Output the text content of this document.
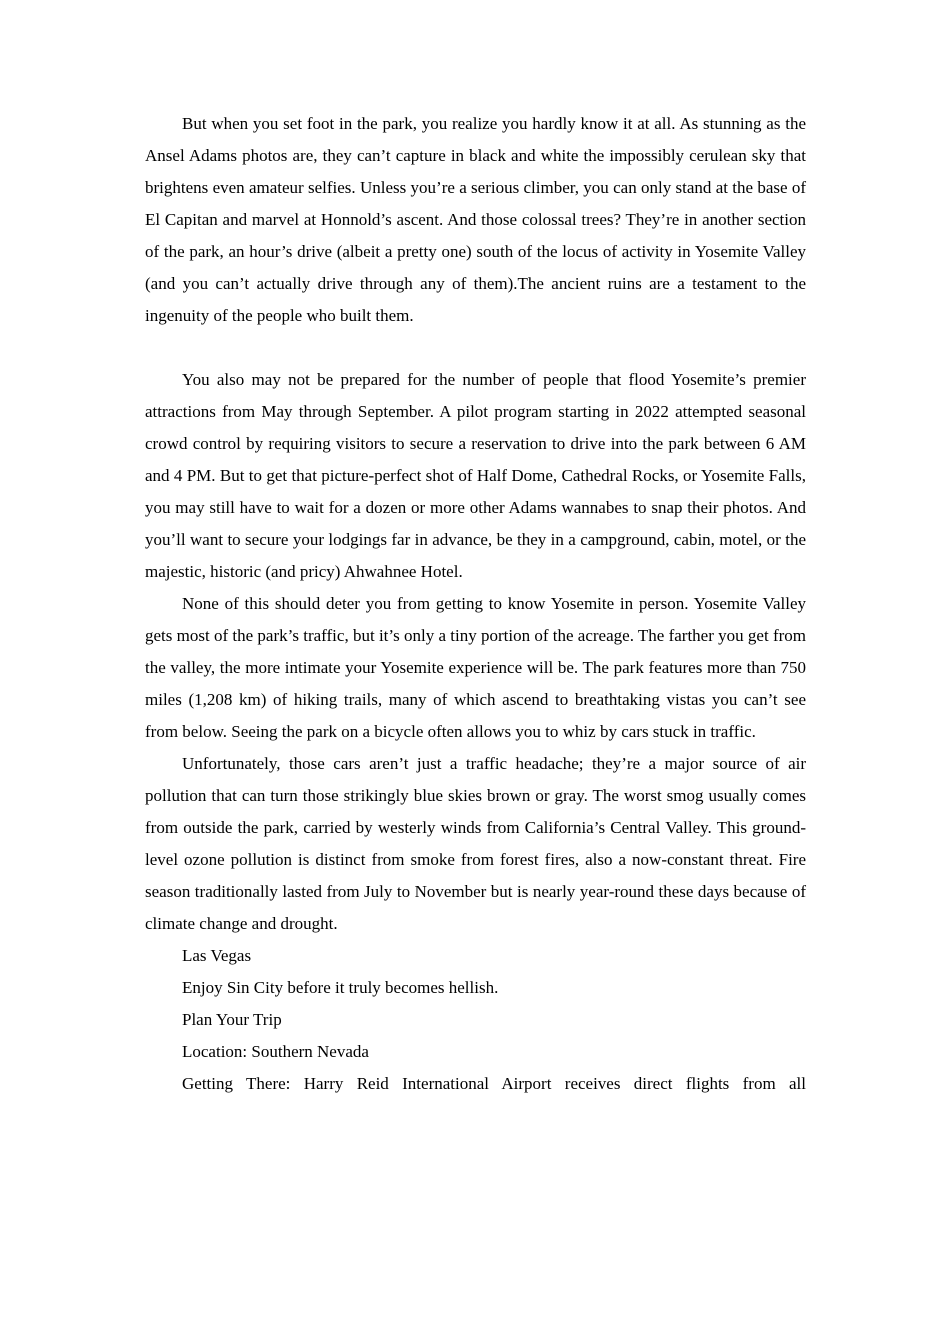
But when you set foot in the park, you realize you hardly know it at all. As stunning as the Ansel Adams photos are, they can’t capture in black and white the impossibly cerulean sky that brightens even amateur selfies. Unless you’re a serious climber, you can only stand at the base of El Capitan and marvel at Honnold’s ascent. And those colossal trees? They’re in another section of the park, an hour’s drive (albeit a pretty one) south of the locus of activity in Yosemite Valley (and you can’t actually drive through any of them).The ancient ruins are a testament to the ingenuity of the people who built them.

You also may not be prepared for the number of people that flood Yosemite’s premier attractions from May through September. A pilot program starting in 2022 attempted seasonal crowd control by requiring visitors to secure a reservation to drive into the park between 6 AM and 4 PM. But to get that picture-perfect shot of Half Dome, Cathedral Rocks, or Yosemite Falls, you may still have to wait for a dozen or more other Adams wannabes to snap their photos. And you’ll want to secure your lodgings far in advance, be they in a campground, cabin, motel, or the majestic, historic (and pricy) Ahwahnee Hotel.

None of this should deter you from getting to know Yosemite in person. Yosemite Valley gets most of the park’s traffic, but it’s only a tiny portion of the acreage. The farther you get from the valley, the more intimate your Yosemite experience will be. The park features more than 750 miles (1,208 km) of hiking trails, many of which ascend to breathtaking vistas you can’t see from below. Seeing the park on a bicycle often allows you to whiz by cars stuck in traffic.

Unfortunately, those cars aren’t just a traffic headache; they’re a major source of air pollution that can turn those strikingly blue skies brown or gray. The worst smog usually comes from outside the park, carried by westerly winds from California’s Central Valley. This ground-level ozone pollution is distinct from smoke from forest fires, also a now-constant threat. Fire season traditionally lasted from July to November but is nearly year-round these days because of climate change and drought.

Las Vegas

Enjoy Sin City before it truly becomes hellish.

Plan Your Trip

Location: Southern Nevada

Getting There: Harry Reid International Airport receives direct flights from all
